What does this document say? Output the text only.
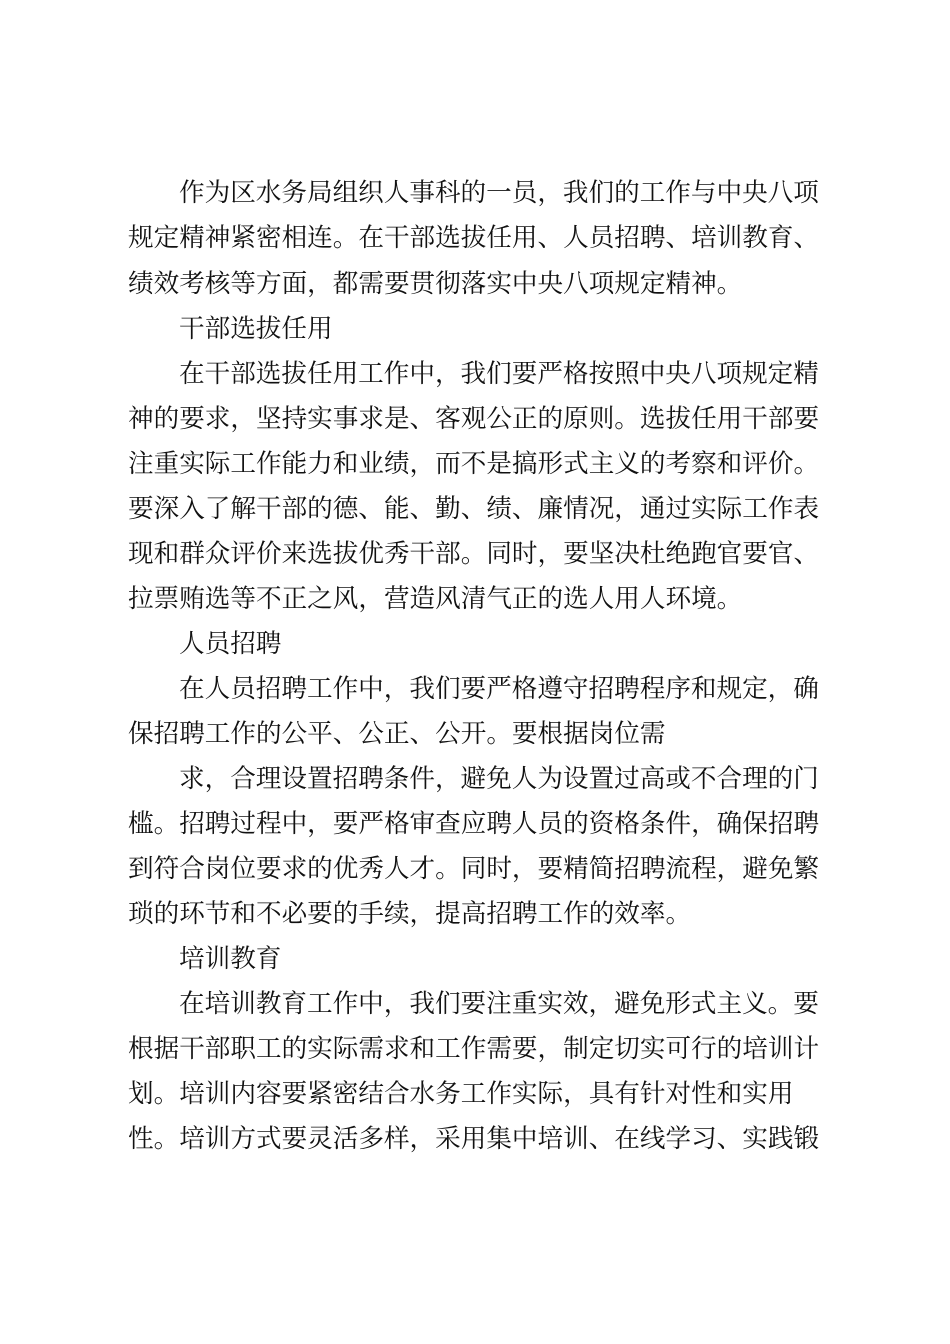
作为区水务局组织人事科的一员，我们的工作与中央八项
规定精神紧密相连。在干部选拔任用、人员招聘、培训教育、
绩效考核等方面，都需要贯彻落实中央八项规定精神。
干部选拔任用
在干部选拔任用工作中，我们要严格按照中央八项规定精
神的要求，坚持实事求是、客观公正的原则。选拔任用干部要
注重实际工作能力和业绩，而不是搞形式主义的考察和评价。
要深入了解干部的德、能、勤、绩、廉情况，通过实际工作表
现和群众评价来选拔优秀干部。同时，要坚决杜绝跑官要官、
拉票贿选等不正之风，营造风清气正的选人用人环境。
人员招聘
在人员招聘工作中，我们要严格遵守招聘程序和规定，确
保招聘工作的公平、公正、公开。要根据岗位需
求，合理设置招聘条件，避免人为设置过高或不合理的门
槛。招聘过程中，要严格审查应聘人员的资格条件，确保招聘
到符合岗位要求的优秀人才。同时，要精简招聘流程，避免繁
琐的环节和不必要的手续，提高招聘工作的效率。
培训教育
在培训教育工作中，我们要注重实效，避免形式主义。要
根据干部职工的实际需求和工作需要，制定切实可行的培训计
划。培训内容要紧密结合水务工作实际，具有针对性和实用
性。培训方式要灵活多样，采用集中培训、在线学习、实践锻
